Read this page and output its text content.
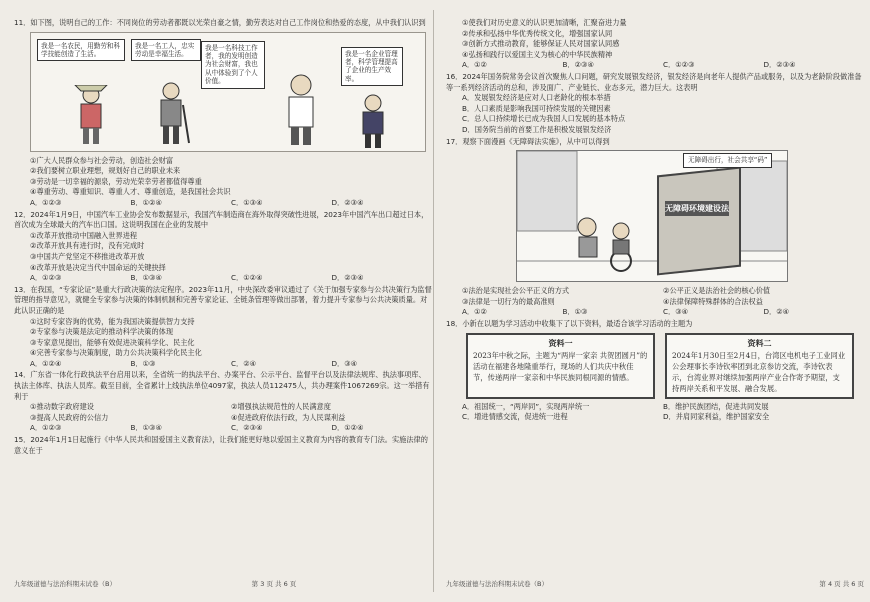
11．如下图，说明自己的工作：不同岗位的劳动者都既以光荣自豪之情，勤劳表达对自己工作岗位和热爱的态度，从中我们认识到
我是一名农民，用勤劳和科学技能创造了生活。
我是一名工人，忠实劳动是幸福生活。
我是一名科技工作者，我的发明创造为社会财富，我也从中体验到了个人价值。
我是一名企业管理者，科学管理提高了企业的生产效率。
①广大人民群众参与社会劳动，创造社会财富
②我们要树立职业理想，规划好自己的职业未来
③劳动是一切幸福的源泉，劳动光荣幸劳者都值得尊重
④尊重劳动、尊重知识、尊重人才、尊重创造，是我国社会共识
A．①②③	B．①②④	C．①③④	D．②③④
12．2024年1月9日，中国汽车工业协会发布数据显示，我国汽车制造商在海外取得突破性进展，2023年中国汽车出口超过日本，首次成为全球最大的汽车出口国。这说明我国在企业的发展中
①改革开放推动中国融入世界进程
②改革开放具有进行时，没有完成时
③中国共产党坚定不移推进改革开放
④改革开放是决定当代中国命运的关键抉择
A．①②③	B．①③④	C．①②④	D．②③④
13．在我国，“专家论证”是重大行政决策的法定程序。2023年11月，中央深改委审议通过了《关于加强专家参与公共决策行为监督管理的指导意见》，就健全专家参与决策的体制机制和完善专家论证、全链条管理等做出部署，着力提升专家参与公共决策质量。对此认识正确的是
①这时专家咨询的优势，能为我国决策提供智力支持
②专家参与决策是法定的推动科学决策的体现
③专家意见提出，能够有效促进决策科学化、民主化
④完善专家参与决策制度，助力公共决策科学化民主化
A．①②④	B．①③	C．②④	D．③④
14．广东省一体化行政执法平台启用以来，全省统一的执法平台、办案平台、公示平台、监督平台以及法律法规库、执法事项库、执法主体库、执法人员库。截至目前，全省累计上线执法单位4097家，执法人员112475人，共办理案件1067269宗。这一举措有利于
①推动数字政府建设	②增强执法规范性的人民满意度
③提高人民政府的公信力	④促进政府依法行政，为人民谋利益
A．①②③	B．①③④	C．②③④	D．①②④
15．2024年1月1日起施行《中华人民共和国爱国主义教育法》，让我们能更好地以爱国主义教育为内容的教育专门法。实施法律的意义在于
九年级道德与法治科期末试卷（B）	第 3 页 共 6 页
①使我们对历史意义的认识更加清晰，汇聚奋进力量
②传承和弘扬中华优秀传统文化，增强国家认同
③创新方式推动教育，能够保证人民对国家认同感
④弘扬和践行以爱国主义为核心的中华民族精神
A．①②	B．②③④	C．①②③	D．②③④
16．2024年国务院常务会议首次聚焦人口问题，研究发展银发经济，银发经济是向老年人提供产品或服务，以及为老龄阶段做准备等一系列经济活动的总和，涉及面广、产业链长、业态多元，潜力巨大。这表明
A．发展银发经济是应对人口老龄化的根本举措
B．人口素质是影响我国可持续发展的关键因素
C．总人口持续增长已成为我国人口发展的基本特点
D．国务院当前的首要工作是积极发展银发经济
17．观察下面漫画《无障碍法实施》，从中可以得到
无障碍环境建设法
无障碍出行，社会共享“码”
①法治是实现社会公平正义的方式	②公平正义是法治社会的核心价值
③法律是一切行为的最高准则	④法律保障特殊群体的合法权益
A．①②	B．①③	C．③④	D．②④
18．小新在以题为学习活动中收集下了以下资料，最适合该学习活动的主题为
资料一
2023年中秋之际，主题为“两岸一家亲 共贺团圆月”的活动在福建各地隆重举行，现场的人们共庆中秋佳节，传递两岸一家亲和中华民族同根同源的情感。
资料二
2024年1月30日至2月4日，台湾区电机电子工业同业公会理事长李诗钦率团到北京参访交流，李诗钦表示，台湾业界对继续加强两岸产业合作寄予期望，支持两岸关系和平发展、融合发展。
A．祖国统一，“两岸同”，实现两岸统一	B．维护民族团结，促进共同发展
C．增进情感交流，促进统一进程	D．并肩同家利益，维护国家安全
九年级道德与法治科期末试卷（B）	第 4 页 共 6 页
